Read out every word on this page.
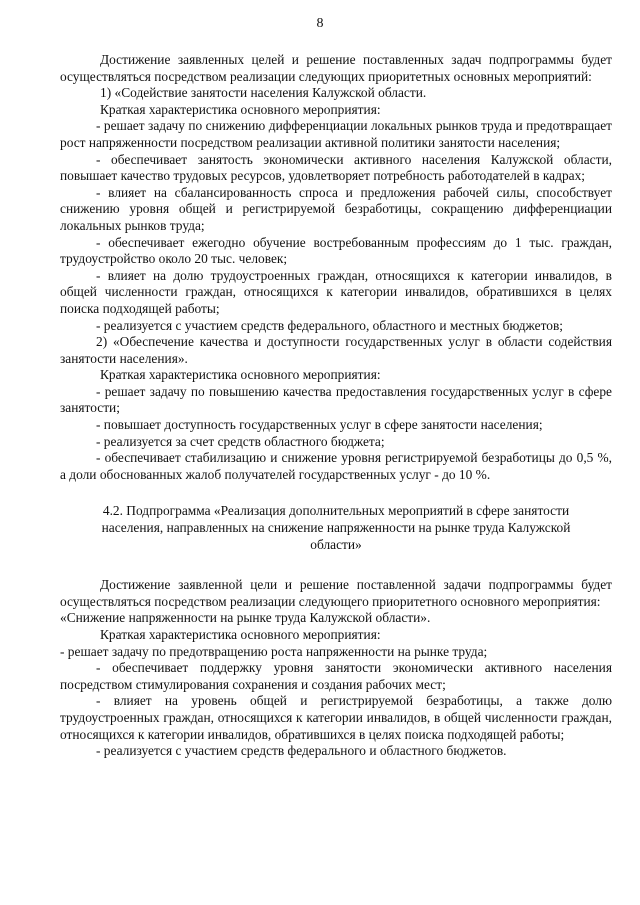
8

Достижение заявленных целей и решение поставленных задач подпрограммы будет осуществляться посредством реализации следующих приоритетных основных мероприятий:

1) «Содействие занятости населения Калужской области.

Краткая характеристика основного мероприятия:

- решает задачу по снижению дифференциации локальных рынков труда и предотвращает рост напряженности посредством реализации активной политики занятости населения;

- обеспечивает занятость экономически активного населения Калужской области, повышает качество трудовых ресурсов, удовлетворяет потребность работодателей в кадрах;

- влияет на сбалансированность спроса и предложения рабочей силы, способствует снижению уровня общей и регистрируемой безработицы, сокращению дифференциации локальных рынков труда;

- обеспечивает ежегодно обучение востребованным профессиям до 1 тыс. граждан, трудоустройство около 20 тыс. человек;

- влияет на долю трудоустроенных граждан, относящихся к категории инвалидов, в общей численности граждан, относящихся к категории инвалидов, обратившихся в целях поиска подходящей работы;

- реализуется с участием средств федерального, областного и местных бюджетов;

2) «Обеспечение качества и доступности государственных услуг в области содействия занятости населения».

Краткая характеристика основного мероприятия:

- решает задачу по повышению качества предоставления государственных услуг в сфере занятости;

- повышает доступность государственных услуг в сфере занятости населения;

- реализуется за счет средств областного бюджета;

- обеспечивает стабилизацию и снижение уровня регистрируемой безработицы до 0,5 %, а доли обоснованных жалоб получателей государственных услуг - до 10 %.

4.2. Подпрограмма «Реализация дополнительных мероприятий в сфере занятости населения, направленных на снижение напряженности на рынке труда Калужской области»

Достижение заявленной цели и решение поставленной задачи подпрограммы будет осуществляться посредством реализации следующего приоритетного основного мероприятия:

«Снижение напряженности на рынке труда Калужской области».

Краткая характеристика основного мероприятия:

- решает задачу по предотвращению роста напряженности на рынке труда;

- обеспечивает поддержку уровня занятости экономически активного населения посредством стимулирования сохранения и создания рабочих мест;

- влияет на уровень общей и регистрируемой безработицы, а также долю трудоустроенных граждан, относящихся к категории инвалидов, в общей численности граждан, относящихся к категории инвалидов, обратившихся в целях поиска подходящей работы;

- реализуется с участием средств федерального и областного бюджетов.
